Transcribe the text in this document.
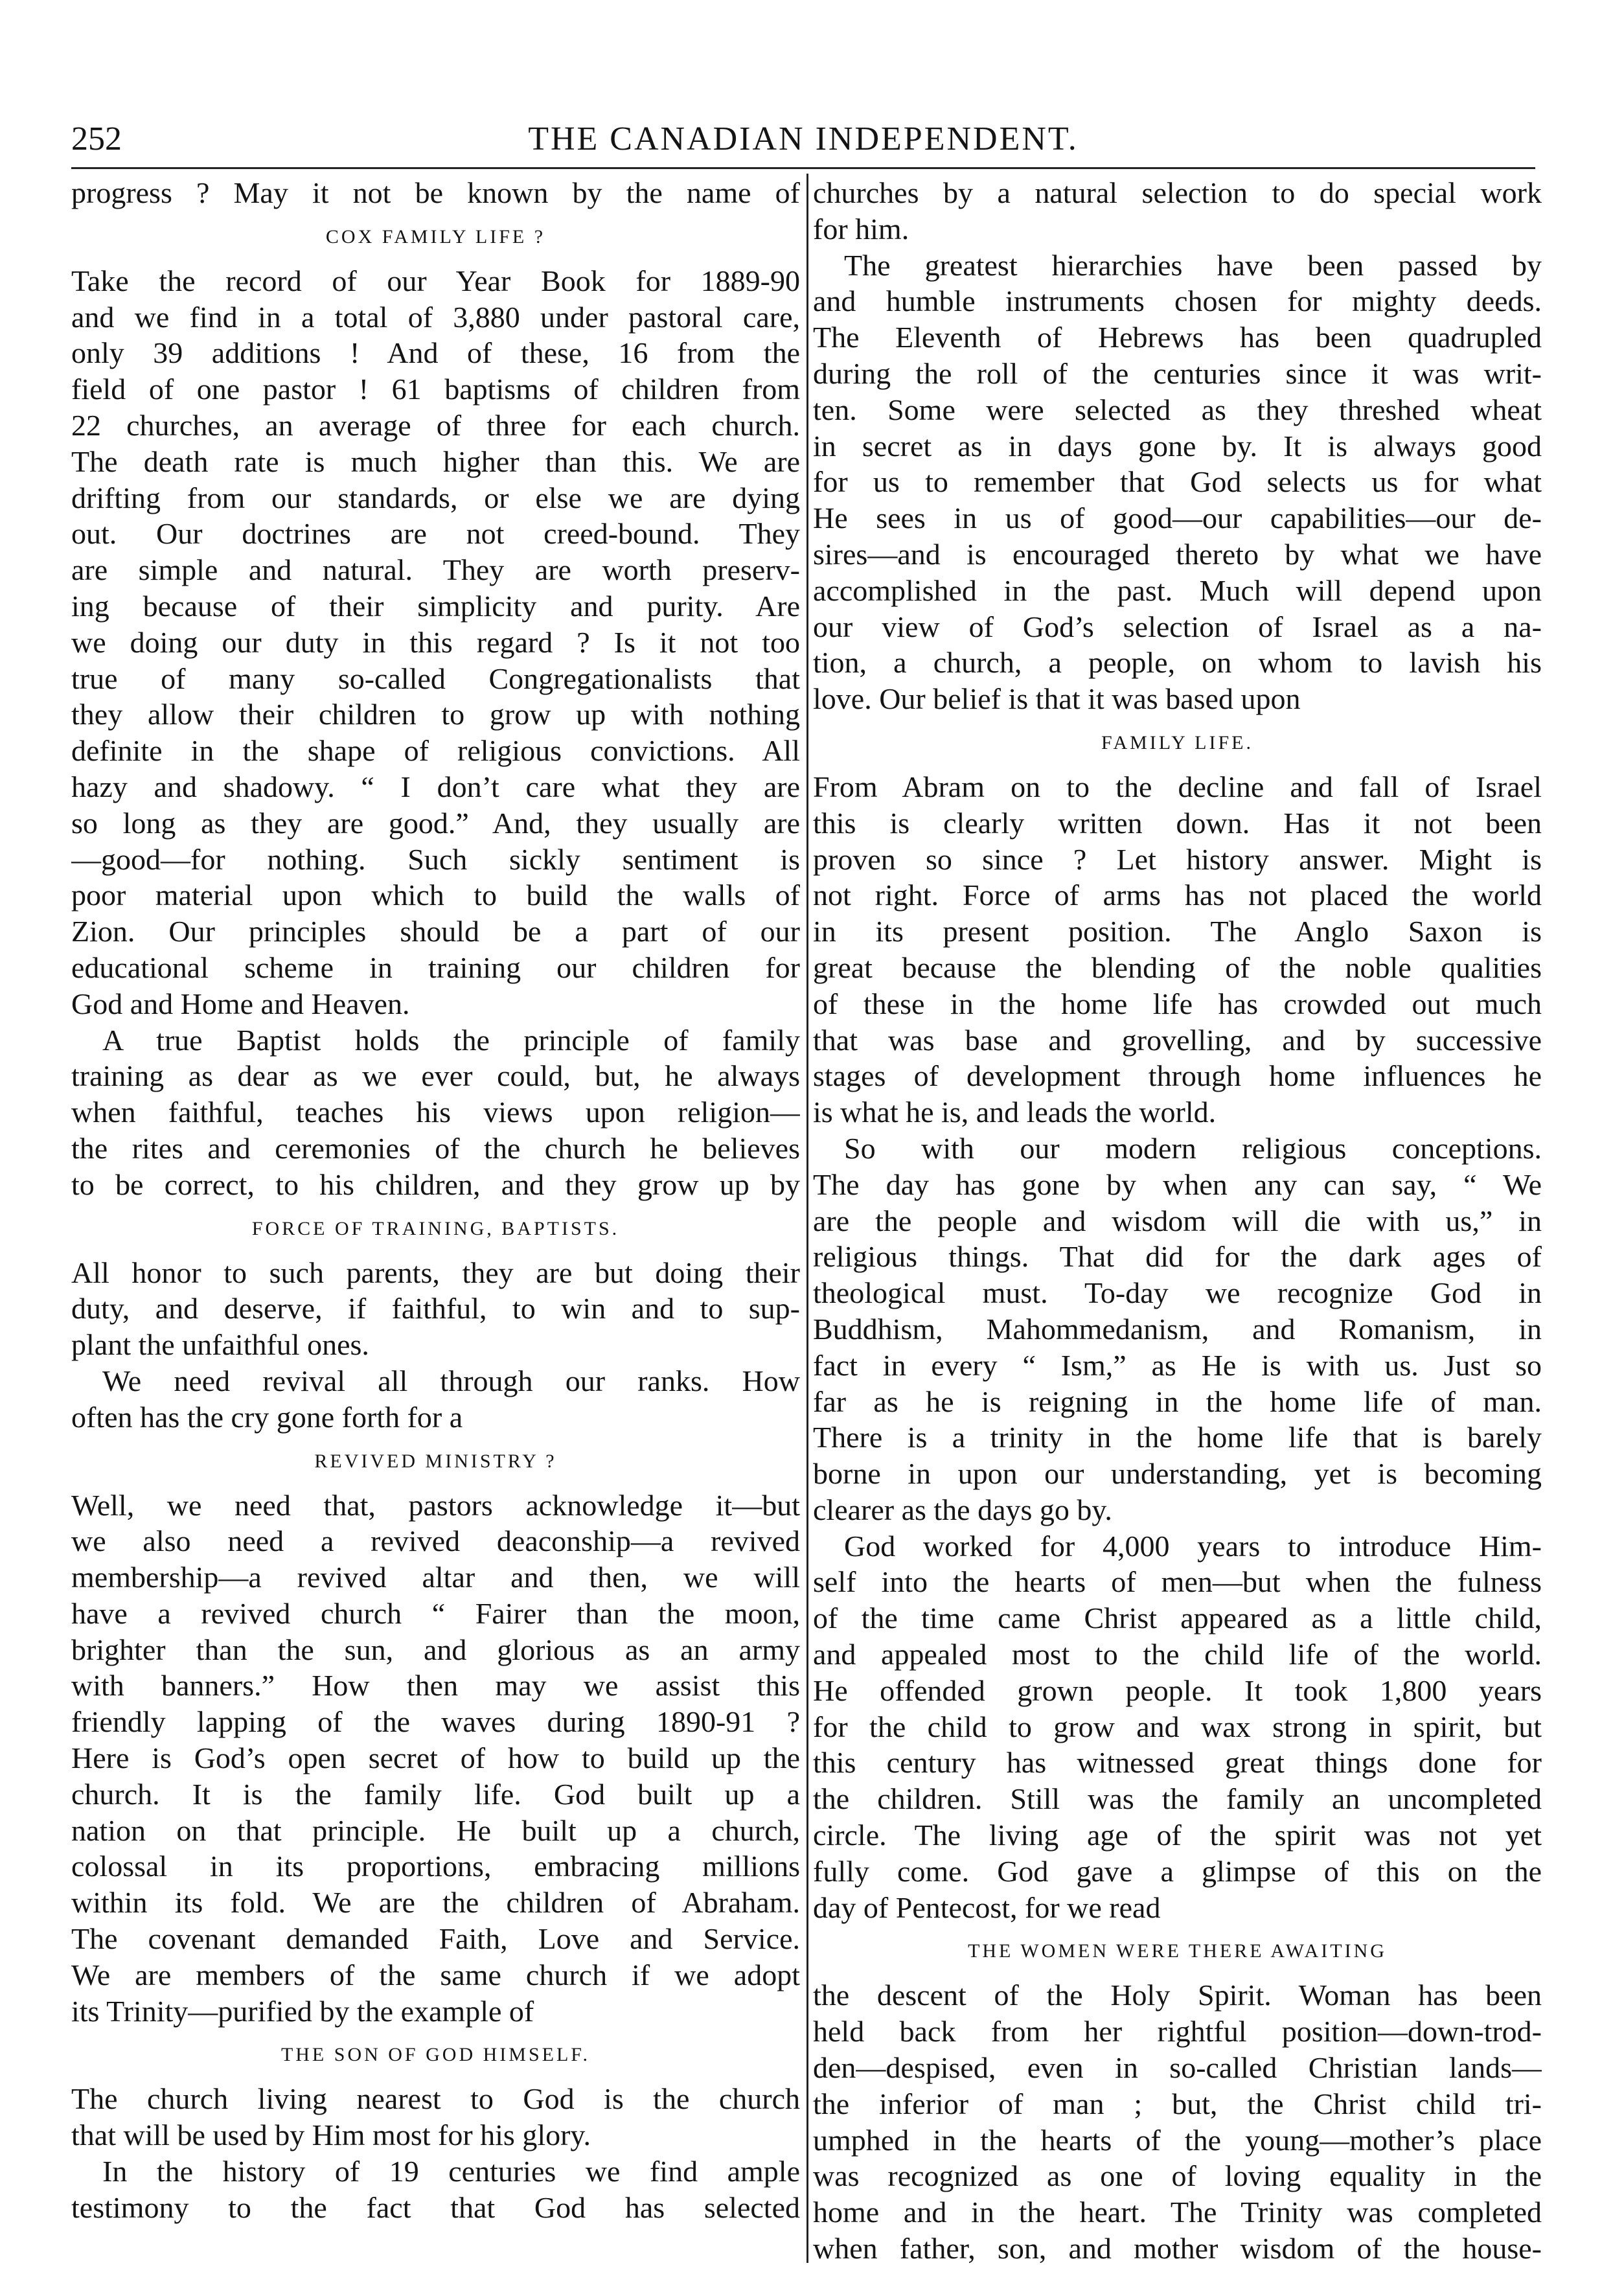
252	THE CANADIAN INDEPENDENT.
progress ? May it not be known by the name of
COX FAMILY LIFE ?
Take the record of our Year Book for 1889-90
and we find in a total of 3,880 under pastoral care,
only 39 additions ! And of these, 16 from the
field of one pastor ! 61 baptisms of children from
22 churches, an average of three for each church.
The death rate is much higher than this. We are
drifting from our standards, or else we are dying
out. Our doctrines are not creed-bound. They
are simple and natural. They are worth preserv-
ing because of their simplicity and purity. Are
we doing our duty in this regard ? Is it not too
true of many so-called Congregationalists that
they allow their children to grow up with nothing
definite in the shape of religious convictions. All
hazy and shadowy. “ I don’t care what they are
so long as they are good.” And, they usually are
—good—for nothing. Such sickly sentiment is
poor material upon which to build the walls of
Zion. Our principles should be a part of our
educational scheme in training our children for
God and Home and Heaven.
A true Baptist holds the principle of family
training as dear as we ever could, but, he always
when faithful, teaches his views upon religion—
the rites and ceremonies of the church he believes
to be correct, to his children, and they grow up by
FORCE OF TRAINING, BAPTISTS.
All honor to such parents, they are but doing their
duty, and deserve, if faithful, to win and to sup-
plant the unfaithful ones.
We need revival all through our ranks. How
often has the cry gone forth for a
REVIVED MINISTRY ?
Well, we need that, pastors acknowledge it—but
we also need a revived deaconship—a revived
membership—a revived altar and then, we will
have a revived church “ Fairer than the moon,
brighter than the sun, and glorious as an army
with banners.” How then may we assist this
friendly lapping of the waves during 1890-91 ?
Here is God’s open secret of how to build up the
church. It is the family life. God built up a
nation on that principle. He built up a church,
colossal in its proportions, embracing millions
within its fold. We are the children of Abraham.
The covenant demanded Faith, Love and Service.
We are members of the same church if we adopt
its Trinity—purified by the example of
THE SON OF GOD HIMSELF.
The church living nearest to God is the church
that will be used by Him most for his glory.
In the history of 19 centuries we find ample
testimony to the fact that God has selected
churches by a natural selection to do special work
for him.
The greatest hierarchies have been passed by
and humble instruments chosen for mighty deeds.
The Eleventh of Hebrews has been quadrupled
during the roll of the centuries since it was writ-
ten. Some were selected as they threshed wheat
in secret as in days gone by. It is always good
for us to remember that God selects us for what
He sees in us of good—our capabilities—our de-
sires—and is encouraged thereto by what we have
accomplished in the past. Much will depend upon
our view of God’s selection of Israel as a na-
tion, a church, a people, on whom to lavish his
love. Our belief is that it was based upon
FAMILY LIFE.
From Abram on to the decline and fall of Israel
this is clearly written down. Has it not been
proven so since ? Let history answer. Might is
not right. Force of arms has not placed the world
in its present position. The Anglo Saxon is
great because the blending of the noble qualities
of these in the home life has crowded out much
that was base and grovelling, and by successive
stages of development through home influences he
is what he is, and leads the world.
So with our modern religious conceptions.
The day has gone by when any can say, “ We
are the people and wisdom will die with us,” in
religious things. That did for the dark ages of
theological must. To-day we recognize God in
Buddhism, Mahommedanism, and Romanism, in
fact in every “ Ism,” as He is with us. Just so
far as he is reigning in the home life of man.
There is a trinity in the home life that is barely
borne in upon our understanding, yet is becoming
clearer as the days go by.
God worked for 4,000 years to introduce Him-
self into the hearts of men—but when the fulness
of the time came Christ appeared as a little child,
and appealed most to the child life of the world.
He offended grown people. It took 1,800 years
for the child to grow and wax strong in spirit, but
this century has witnessed great things done for
the children. Still was the family an uncompleted
circle. The living age of the spirit was not yet
fully come. God gave a glimpse of this on the
day of Pentecost, for we read
THE WOMEN WERE THERE AWAITING
the descent of the Holy Spirit. Woman has been
held back from her rightful position—down-trod-
den—despised, even in so-called Christian lands—
the inferior of man ; but, the Christ child tri-
umphed in the hearts of the young—mother’s place
was recognized as one of loving equality in the
home and in the heart. The Trinity was completed
when father, son, and mother wisdom of the house-
